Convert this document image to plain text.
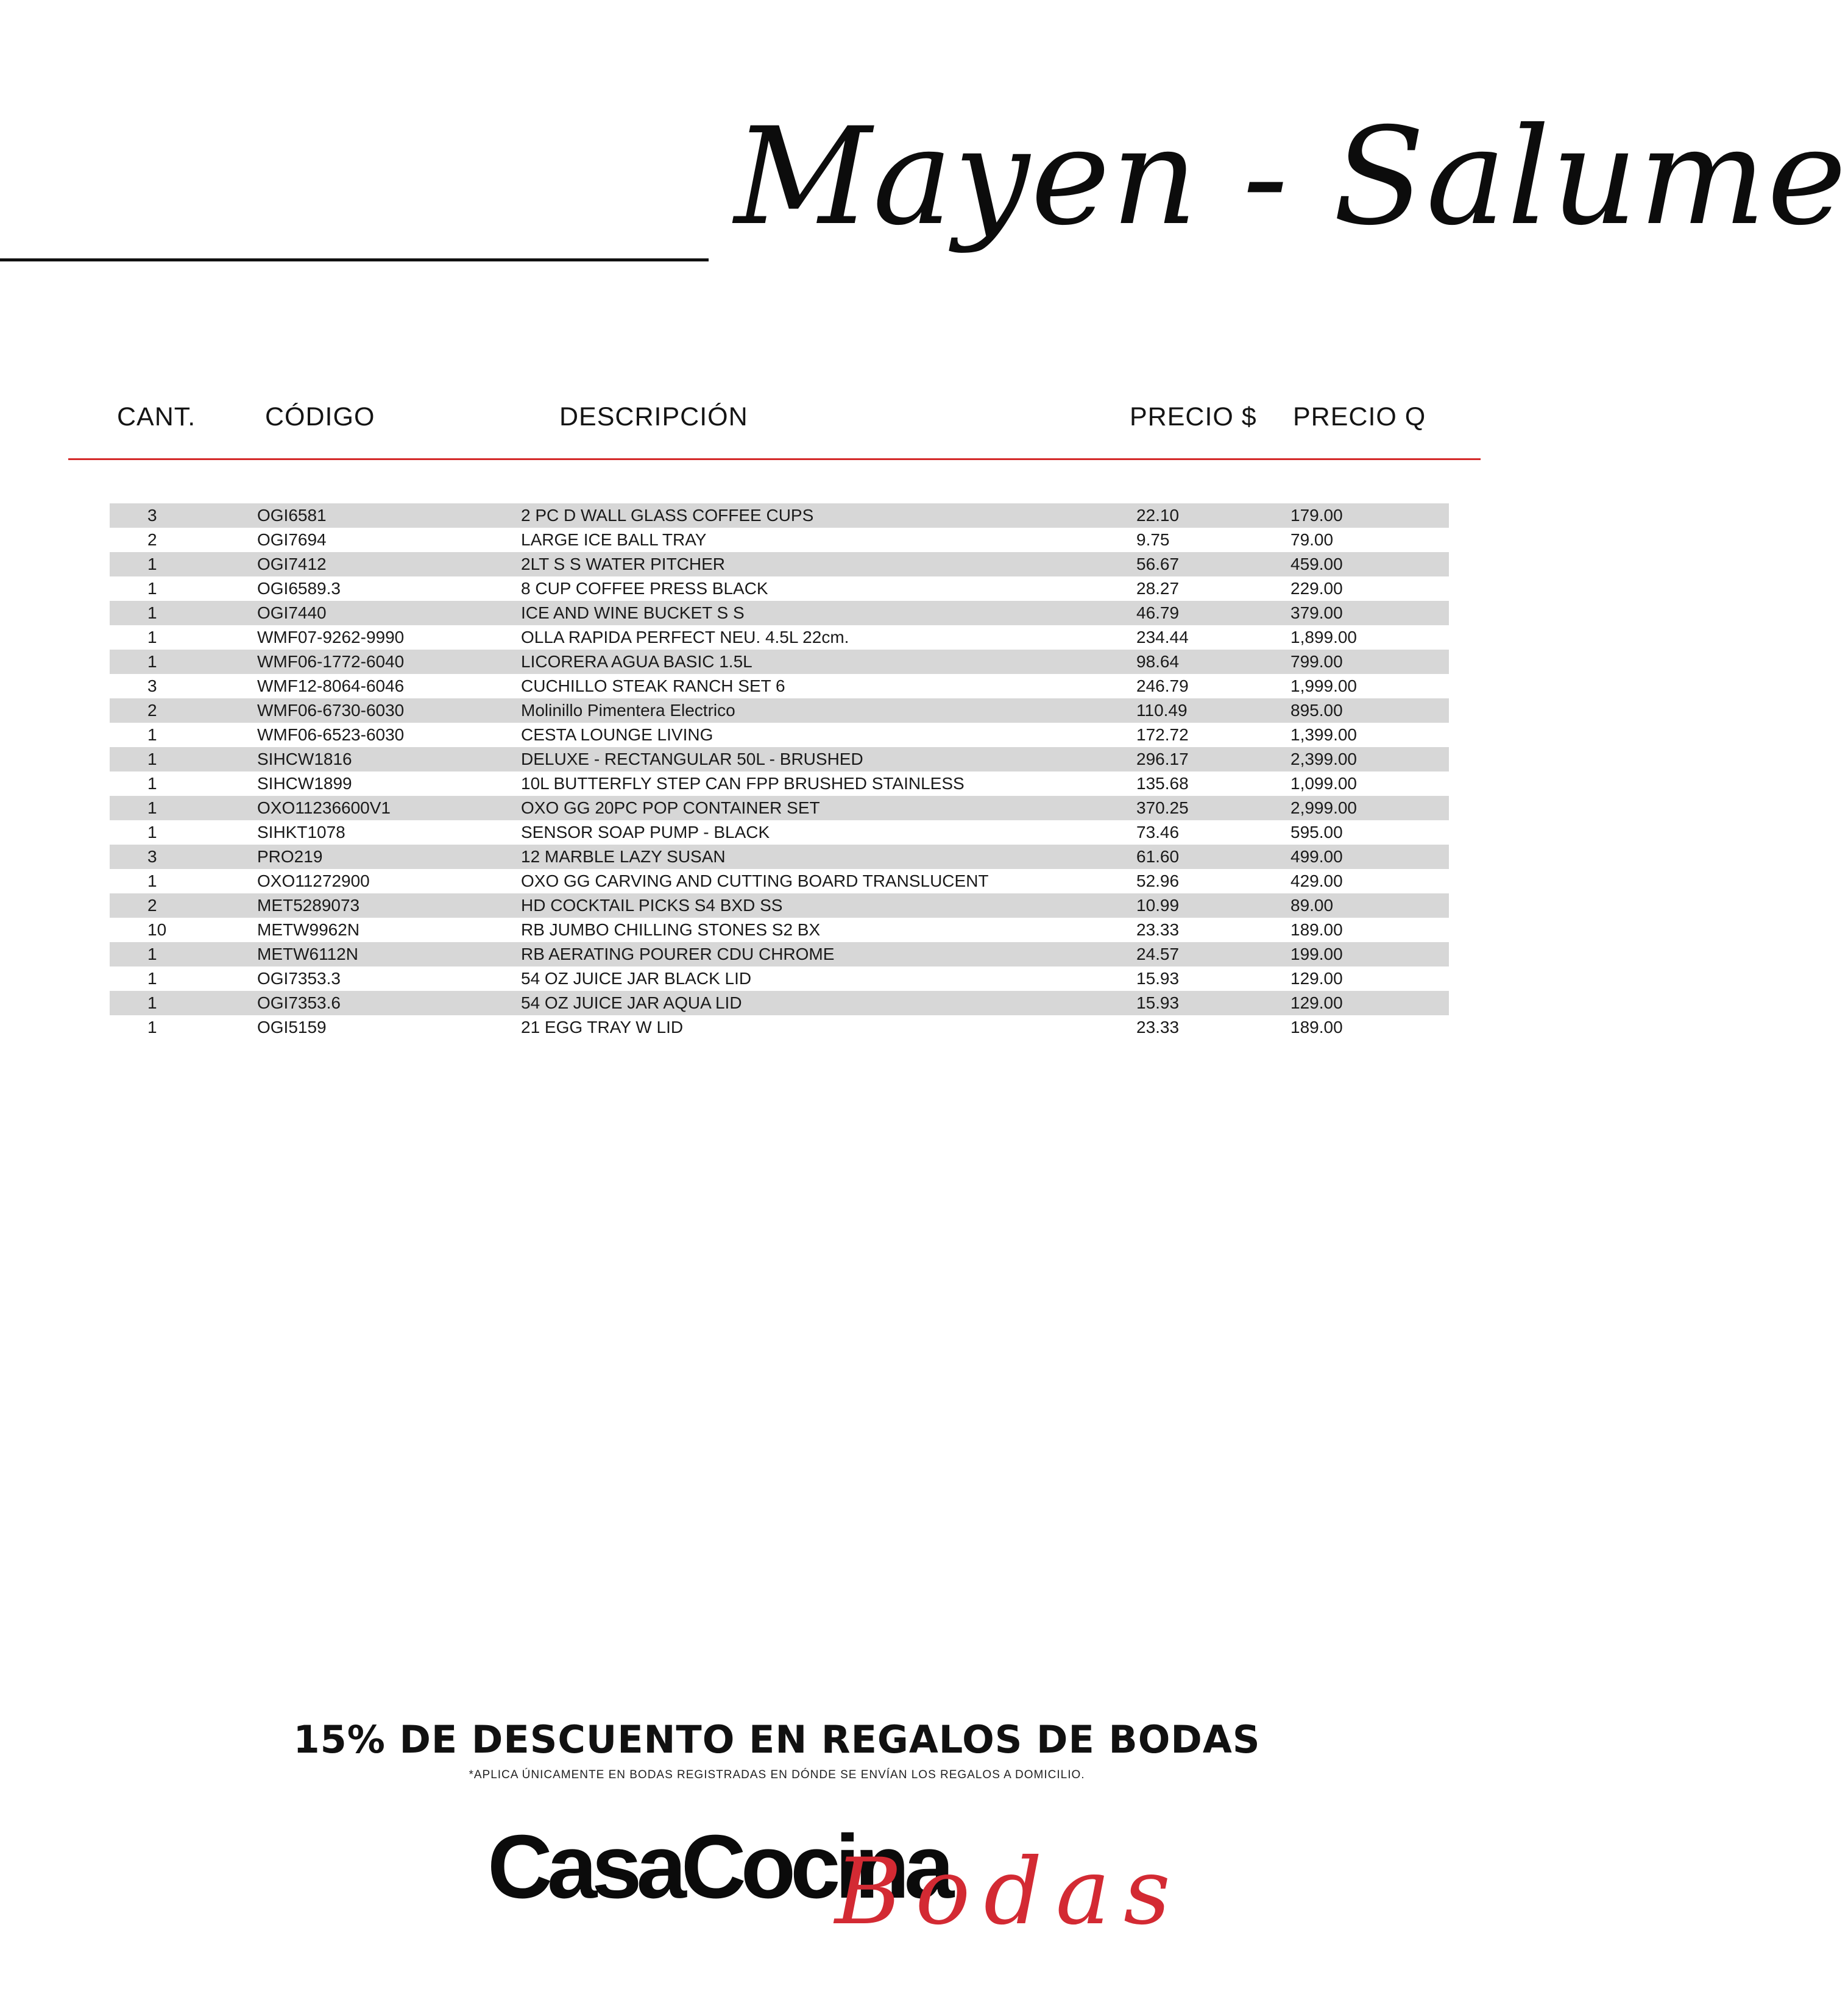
Mayen - Salume
CANT.	CÓDIGO	DESCRIPCIÓN	PRECIO $ PRECIO Q
3	OGI6581	2 PC D WALL GLASS COFFEE CUPS	22.10	179.00
2	OGI7694	LARGE ICE BALL TRAY	9.75	79.00
1	OGI7412	2LT S S WATER PITCHER	56.67	459.00
1	OGI6589.3	8 CUP COFFEE PRESS BLACK	28.27	229.00
1	OGI7440	ICE AND WINE BUCKET S S	46.79	379.00
1	WMF07-9262-9990	OLLA RAPIDA PERFECT NEU. 4.5L 22cm.	234.44	1,899.00
1	WMF06-1772-6040	LICORERA AGUA BASIC 1.5L	98.64	799.00
3	WMF12-8064-6046	CUCHILLO STEAK RANCH SET 6	246.79	1,999.00
2	WMF06-6730-6030	Molinillo Pimentera Electrico	110.49	895.00
1	WMF06-6523-6030	CESTA LOUNGE LIVING	172.72	1,399.00
1	SIHCW1816	DELUXE - RECTANGULAR 50L - BRUSHED	296.17	2,399.00
1	SIHCW1899	10L BUTTERFLY STEP CAN FPP BRUSHED STAINLESS	135.68	1,099.00
1	OXO11236600V1	OXO GG 20PC POP CONTAINER SET	370.25	2,999.00
1	SIHKT1078	SENSOR SOAP PUMP - BLACK	73.46	595.00
3	PRO219	12 MARBLE LAZY SUSAN	61.60	499.00
1	OXO11272900	OXO GG CARVING AND CUTTING BOARD TRANSLUCENT	52.96	429.00
2	MET5289073	HD COCKTAIL PICKS S4 BXD SS	10.99	89.00
10	METW9962N	RB JUMBO CHILLING STONES S2 BX	23.33	189.00
1	METW6112N	RB AERATING POURER CDU CHROME	24.57	199.00
1	OGI7353.3	54 OZ JUICE JAR BLACK LID	15.93	129.00
1	OGI7353.6	54 OZ JUICE JAR AQUA LID	15.93	129.00
1	OGI5159	21 EGG TRAY W LID	23.33	189.00
15% DE DESCUENTO EN REGALOS DE BODAS
*APLICA ÚNICAMENTE EN BODAS REGISTRADAS EN DÓNDE SE ENVÍAN LOS REGALOS A DOMICILIO.
CasaCocina
Bodas
